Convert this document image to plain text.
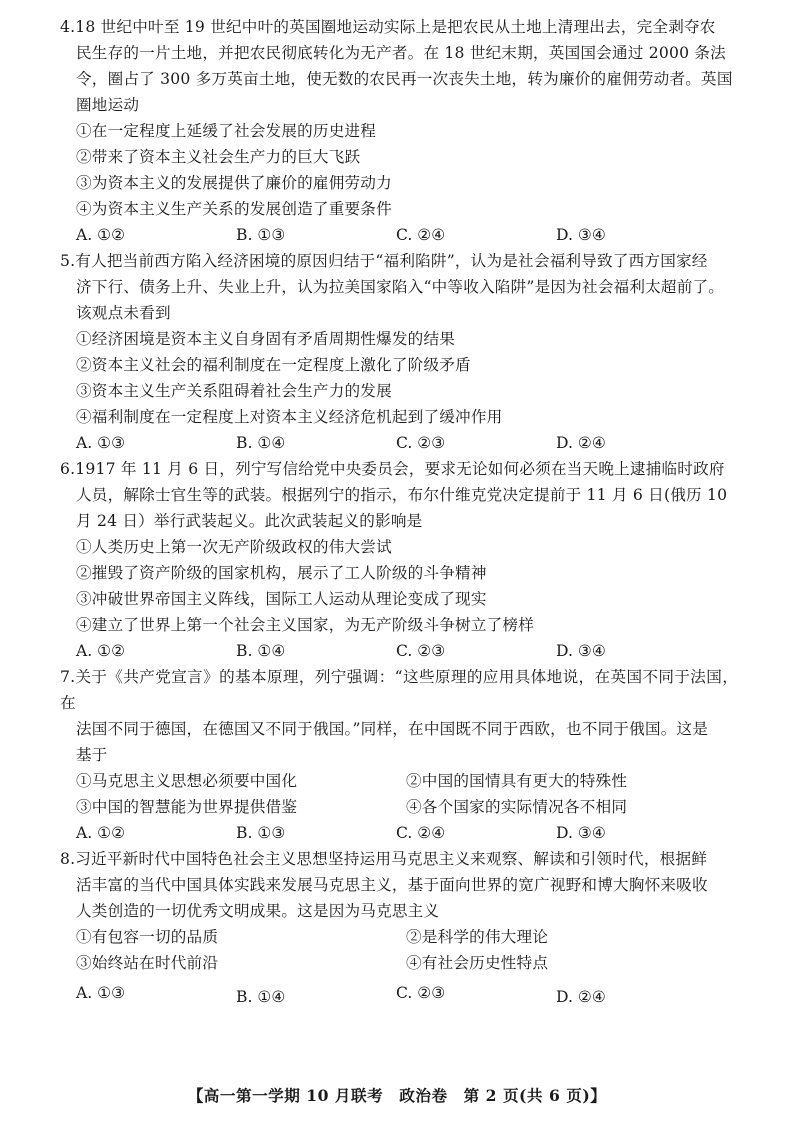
4.18 世纪中叶至 19 世纪中叶的英国圈地运动实际上是把农民从土地上清理出去，完全剥夺农

民生存的一片土地，并把农民彻底转化为无产者。在 18 世纪末期，英国国会通过 2000 条法

令，圈占了 300 多万英亩土地，使无数的农民再一次丧失土地，转为廉价的雇佣劳动者。英国

圈地运动

①在一定程度上延缓了社会发展的历史进程

②带来了资本主义社会生产力的巨大飞跃

③为资本主义的发展提供了廉价的雇佣劳动力

④为资本主义生产关系的发展创造了重要条件

A. ①②	B. ①③	C. ②④	D. ③④

5.有人把当前西方陷入经济困境的原因归结于“福利陷阱”，认为是社会福利导致了西方国家经

济下行、债务上升、失业上升，认为拉美国家陷入“中等收入陷阱”是因为社会福利太超前了。

该观点未看到

①经济困境是资本主义自身固有矛盾周期性爆发的结果

②资本主义社会的福利制度在一定程度上激化了阶级矛盾

③资本主义生产关系阻碍着社会生产力的发展

④福利制度在一定程度上对资本主义经济危机起到了缓冲作用

A. ①③	B. ①④	C. ②③	D. ②④

6.1917 年 11 月 6 日，列宁写信给党中央委员会，要求无论如何必须在当天晚上逮捕临时政府

人员，解除士官生等的武装。根据列宁的指示，布尔什维克党决定提前于 11 月 6 日(俄历 10

月 24 日）举行武装起义。此次武装起义的影响是

①人类历史上第一次无产阶级政权的伟大尝试

②摧毁了资产阶级的国家机构，展示了工人阶级的斗争精神

③冲破世界帝国主义阵线，国际工人运动从理论变成了现实

④建立了世界上第一个社会主义国家，为无产阶级斗争树立了榜样

A. ①②	B. ①④	C. ②③	D. ③④

7.关于《共产党宣言》的基本原理，列宁强调：“这些原理的应用具体地说，在英国不同于法国，在

法国不同于德国，在德国又不同于俄国。”同样，在中国既不同于西欧，也不同于俄国。这是

基于

①马克思主义思想必须要中国化	②中国的国情具有更大的特殊性

③中国的智慧能为世界提供借鉴	④各个国家的实际情况各不相同

A. ①②	B. ①③	C. ②④	D. ③④

8.习近平新时代中国特色社会主义思想坚持运用马克思主义来观察、解读和引领时代，根据鲜

活丰富的当代中国具体实践来发展马克思主义，基于面向世界的宽广视野和博大胸怀来吸收

人类创造的一切优秀文明成果。这是因为马克思主义

①有包容一切的品质	②是科学的伟大理论

③始终站在时代前沿	④有社会历史性特点

A. ①③	B. ①④	C. ②③	D. ②④
【高一第一学期 10 月联考　政治卷　第 2 页(共 6 页)】
